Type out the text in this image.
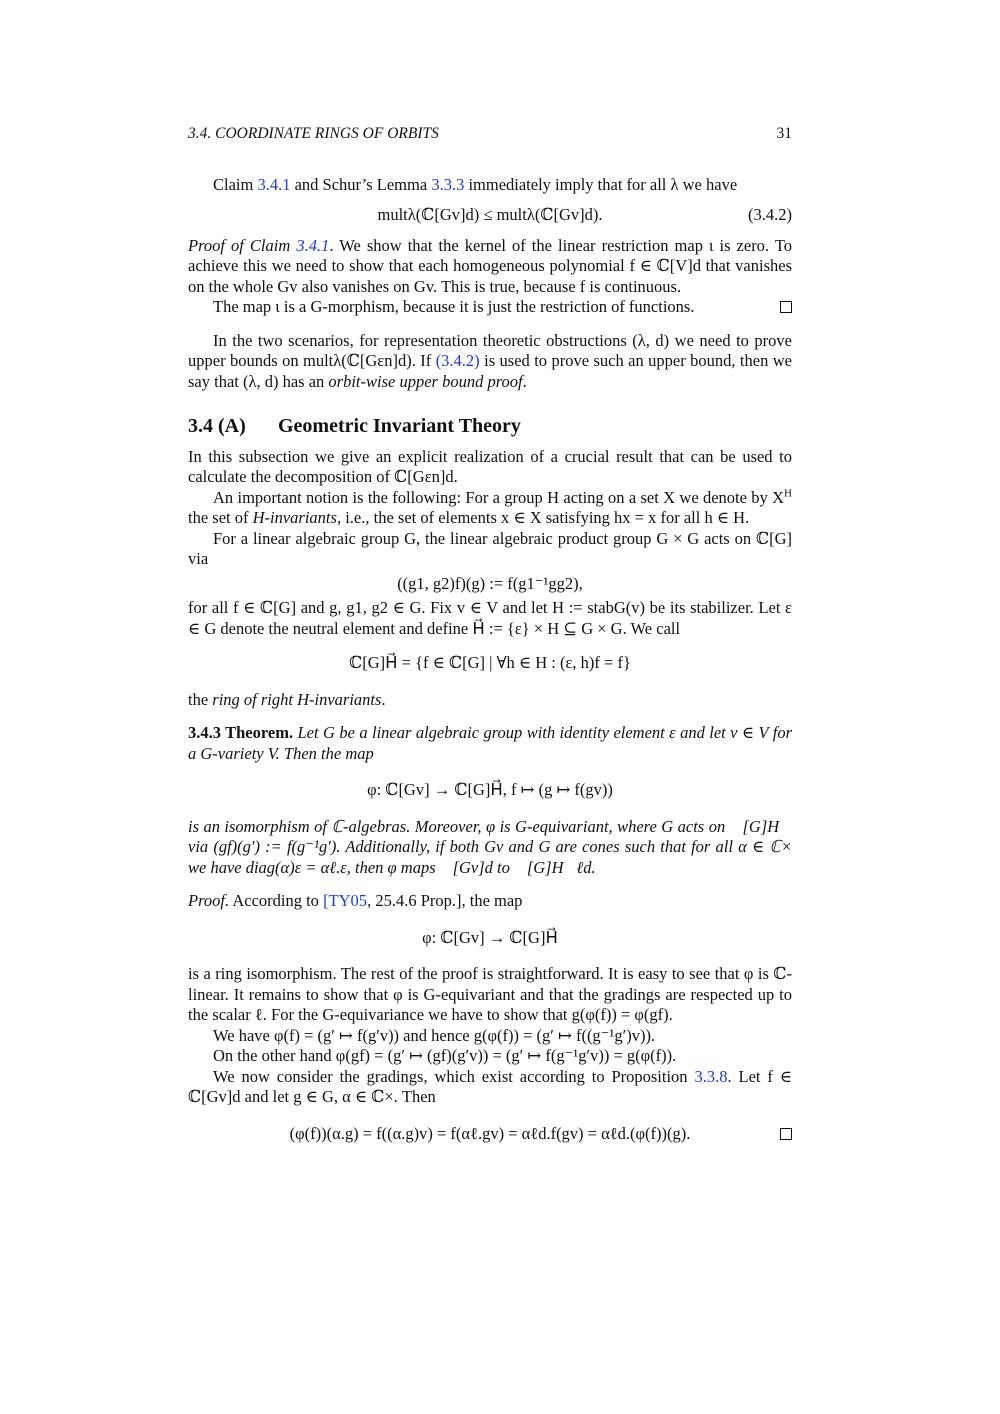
3.4. COORDINATE RINGS OF ORBITS	31

Claim 3.4.1 and Schur’s Lemma 3.3.3 immediately imply that for all λ we have

multλ(ℂ[Gv]d) ≤ multλ(ℂ[Gv]d).	(3.4.2)

Proof of Claim 3.4.1. We show that the kernel of the linear restriction map ι is zero. To achieve this we need to show that each homogeneous polynomial f ∈ ℂ[V]d that vanishes on the whole Gv also vanishes on Gv. This is true, because f is continuous.

The map ι is a G-morphism, because it is just the restriction of functions.

In the two scenarios, for representation theoretic obstructions (λ, d) we need to prove upper bounds on multλ(ℂ[Gεn]d). If (3.4.2) is used to prove such an upper bound, then we say that (λ, d) has an orbit-wise upper bound proof.

3.4 (A)	Geometric Invariant Theory

In this subsection we give an explicit realization of a crucial result that can be used to calculate the decomposition of ℂ[Gεn]d.

An important notion is the following: For a group H acting on a set X we denote by $X^H$ the set of H-invariants, i.e., the set of elements x ∈ X satisfying hx = x for all h ∈ H.

For a linear algebraic group G, the linear algebraic product group G × G acts on ℂ[G] via

((g1, g2)f)(g) := f(g1⁻¹gg2),

for all f ∈ ℂ[G] and g, g1, g2 ∈ G. Fix v ∈ V and let H := stabG(v) be its stabilizer. Let ε ∈ G denote the neutral element and define H⃗ := {ε} × H ⊆ G × G. We call

ℂ[G]H⃗ = {f ∈ ℂ[G] | ∀h ∈ H : (ε, h)f = f}

the ring of right H-invariants.

3.4.3 Theorem. Let G be a linear algebraic group with identity element ε and let v ∈ V for a G-variety V. Then the map

φ: ℂ[Gv] → ℂ[G]H⃗, f ↦ (g ↦ f(gv))

is an isomorphism of ℂ-algebras. Moreover, φ is G-equivariant, where G acts on ℂ[G]H⃗ via (gf)(g′) := f(g⁻¹g′). Additionally, if both Gv and G are cones such that for all α ∈ ℂ× we have diag(α)ε = αℓ.ε, then φ maps ℂ[Gv]d to ℂ[G]H⃗ℓd.

Proof. According to [TY05, 25.4.6 Prop.], the map

φ: ℂ[Gv] → ℂ[G]H⃗

is a ring isomorphism. The rest of the proof is straightforward. It is easy to see that φ is ℂ-linear. It remains to show that φ is G-equivariant and that the gradings are respected up to the scalar ℓ. For the G-equivariance we have to show that g(φ(f)) = φ(gf).

We have φ(f) = (g′ ↦ f(g′v)) and hence g(φ(f)) = (g′ ↦ f((g⁻¹g′)v)).

On the other hand φ(gf) = (g′ ↦ (gf)(g′v)) = (g′ ↦ f(g⁻¹g′v)) = g(φ(f)).

We now consider the gradings, which exist according to Proposition 3.3.8. Let f ∈ ℂ[Gv]d and let g ∈ G, α ∈ ℂ×. Then

(φ(f))(α.g) = f((α.g)v) = f(αℓ.gv) = αℓd.f(gv) = αℓd.(φ(f))(g).
